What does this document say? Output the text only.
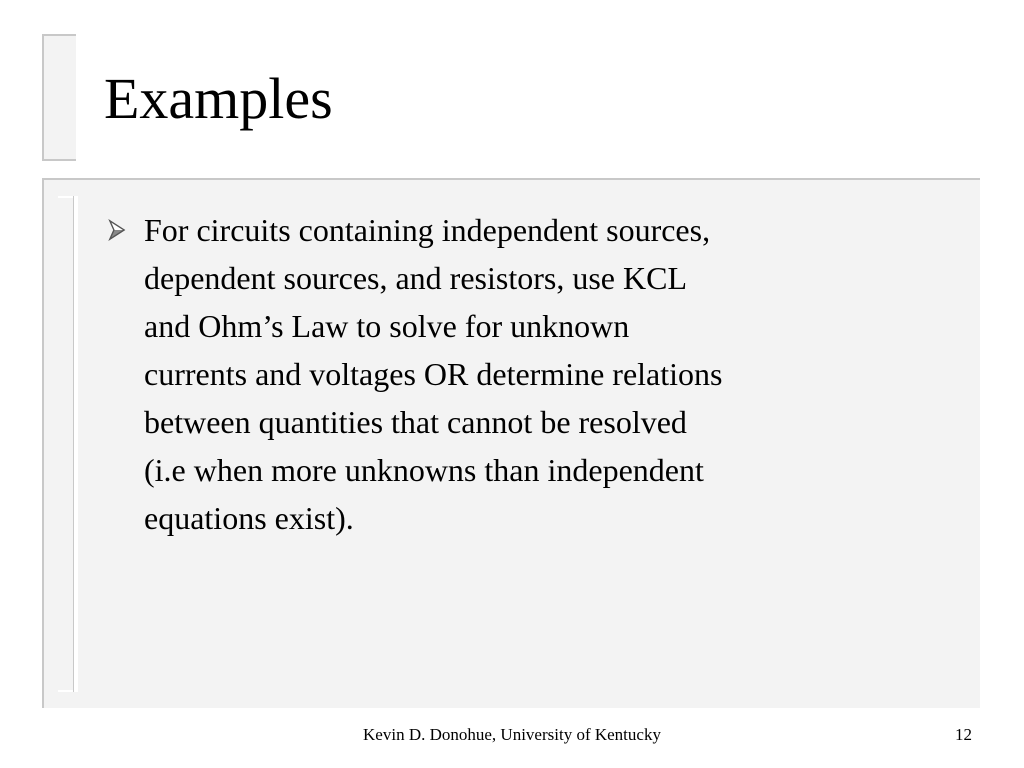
Examples
For circuits containing independent sources,
dependent sources, and resistors, use KCL
and Ohm’s Law to solve for unknown
currents and voltages OR determine relations
between quantities that cannot be resolved
(i.e when more unknowns than independent
equations exist).
Kevin D. Donohue, University of Kentucky	12
